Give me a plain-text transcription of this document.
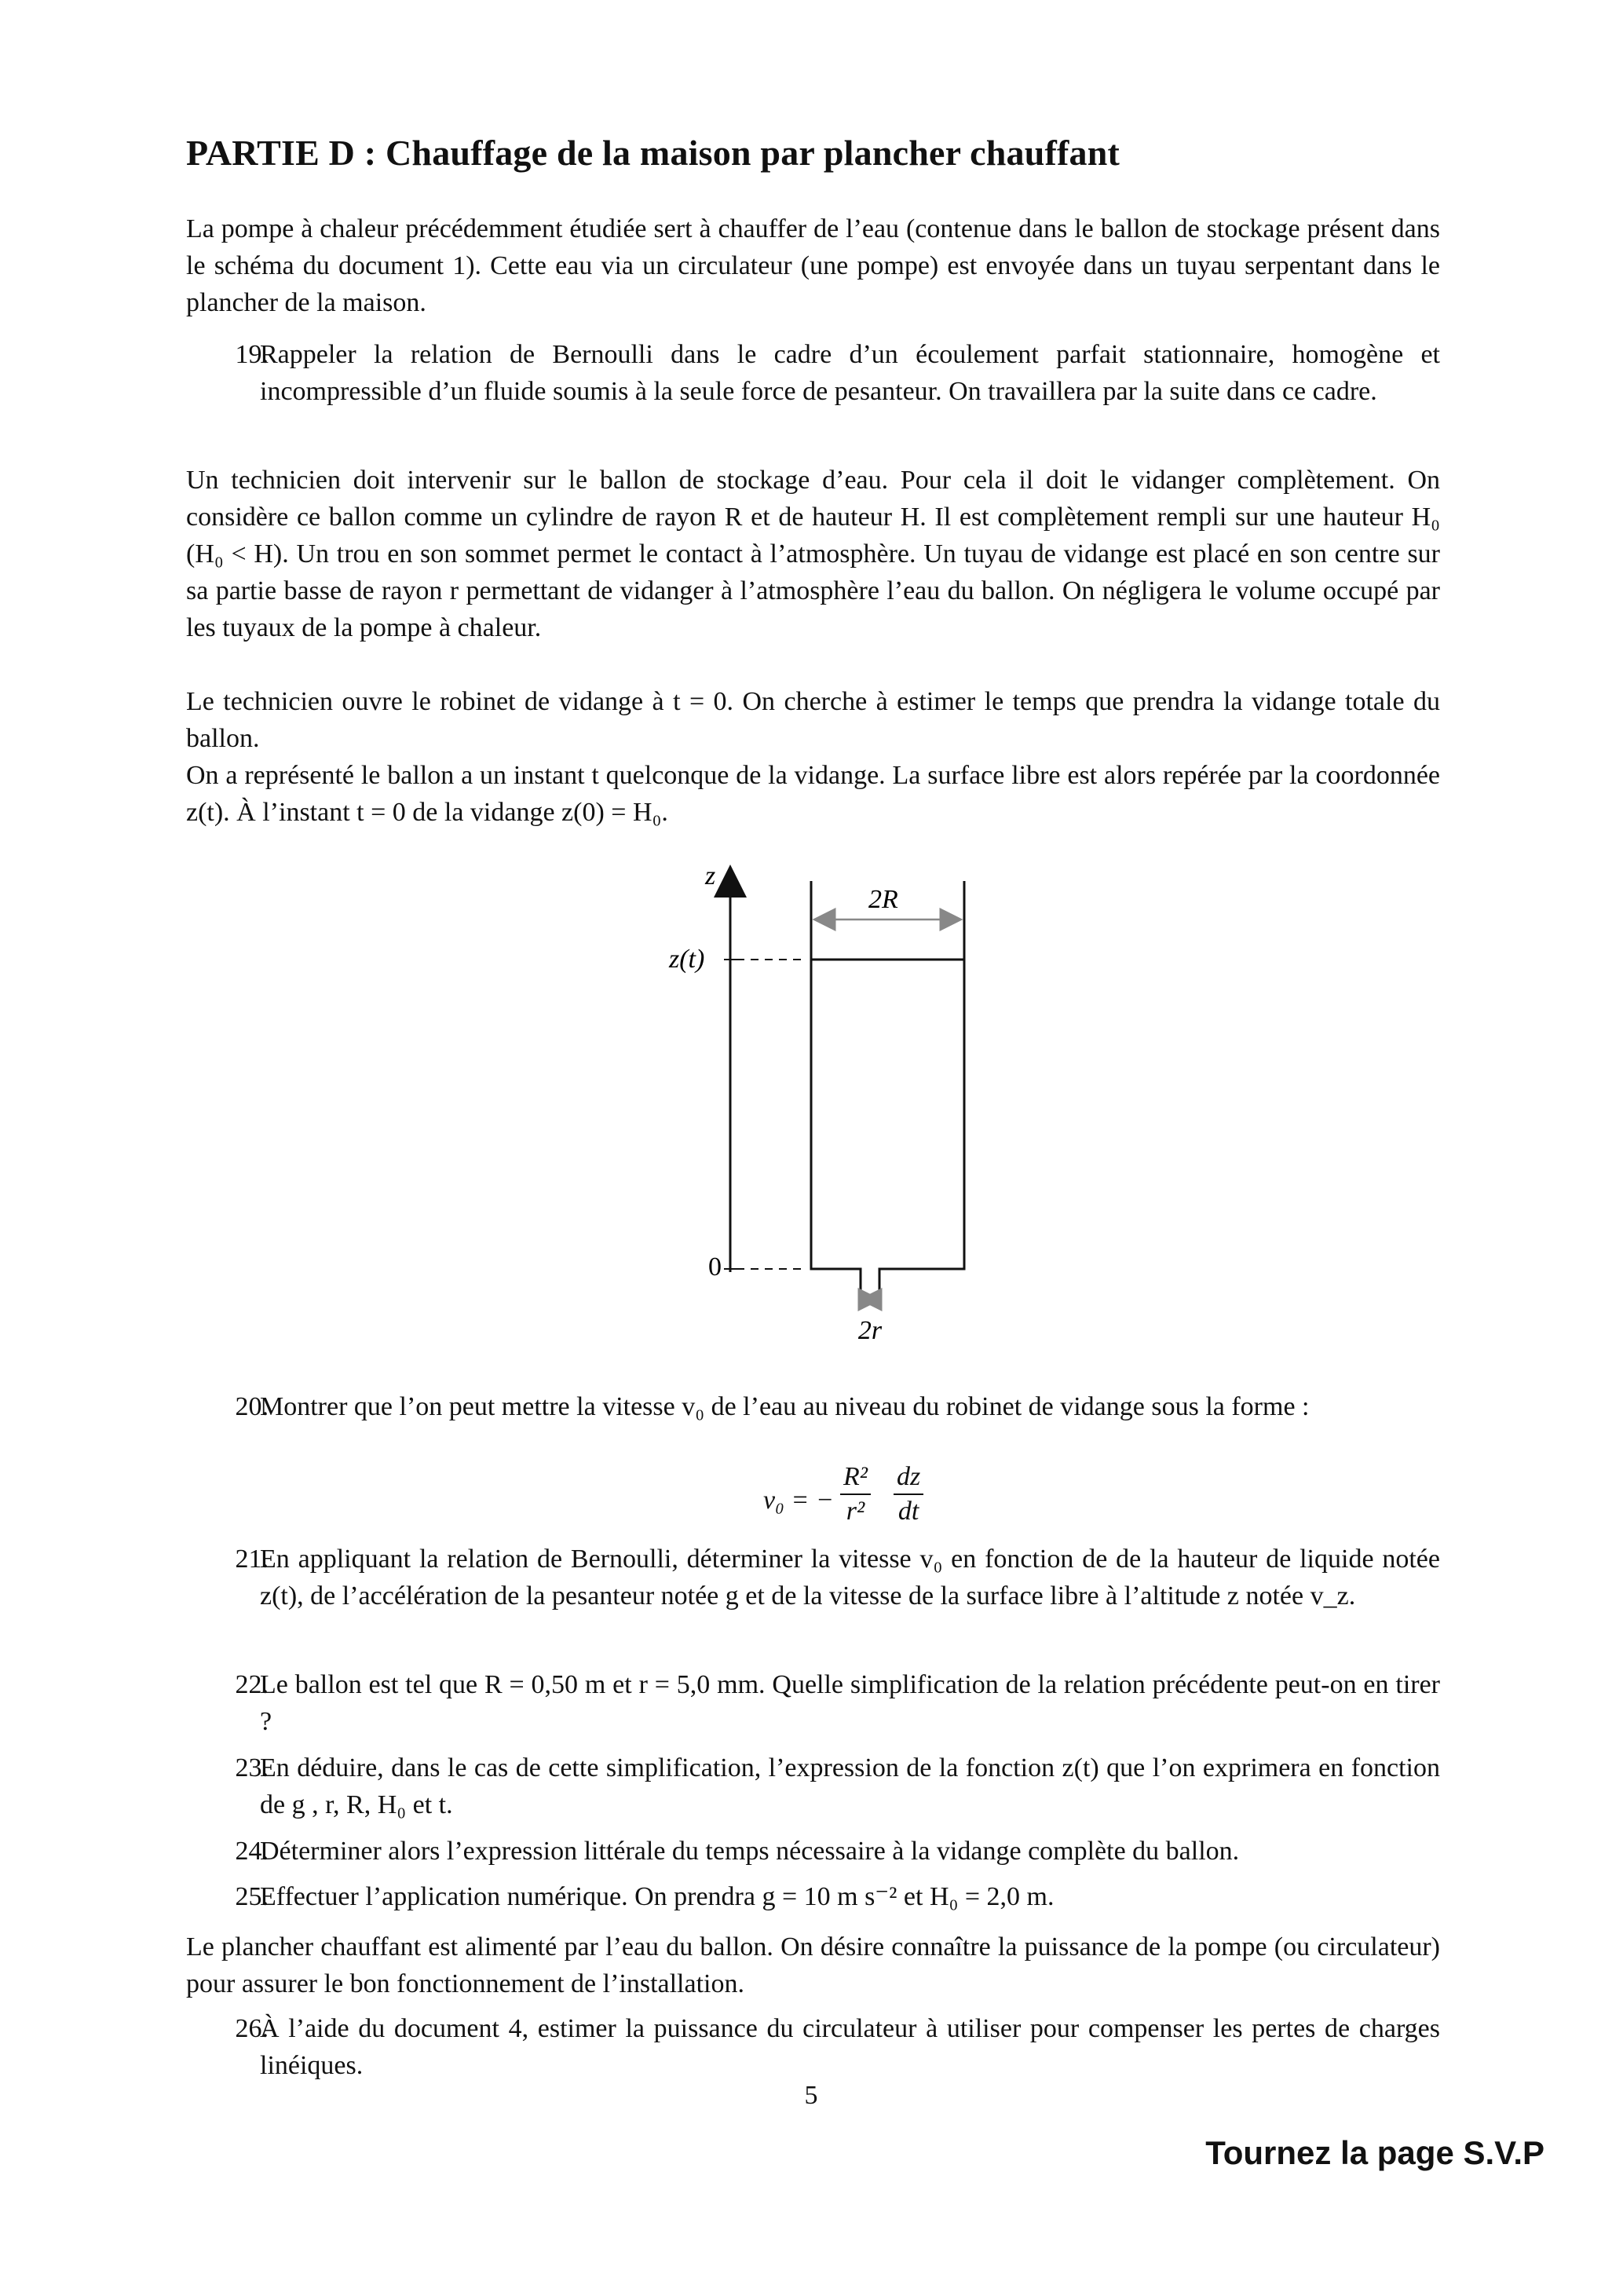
PARTIE D : Chauffage de la maison par plancher chauffant

La pompe à chaleur précédemment étudiée sert à chauffer de l’eau (contenue dans le ballon de stockage présent dans le schéma du document 1). Cette eau via un circulateur (une pompe) est envoyée dans un tuyau serpentant dans le plancher de la maison.

19.
Rappeler la relation de Bernoulli dans le cadre d’un écoulement parfait stationnaire, homogène et incompressible d’un fluide soumis à la seule force de pesanteur. On travaillera par la suite dans ce cadre.

Un technicien doit intervenir sur le ballon de stockage d’eau. Pour cela il doit le vidanger complètement. On considère ce ballon comme un cylindre de rayon R et de hauteur H. Il est complètement rempli sur une hauteur H₀ (H₀ < H). Un trou en son sommet permet le contact à l’atmosphère. Un tuyau de vidange est placé en son centre sur sa partie basse de rayon r permettant de vidanger à l’atmosphère l’eau du ballon. On négligera le volume occupé par les tuyaux de la pompe à chaleur.

Le technicien ouvre le robinet de vidange à t = 0. On cherche à estimer le temps que prendra la vidange totale du ballon.

On a représenté le ballon a un instant t quelconque de la vidange. La surface libre est alors repérée par la coordonnée z(t). À l’instant t = 0 de la vidange z(0) = H₀.

z
z(t)
0
2R
2r
20.
Montrer que l’on peut mettre la vitesse v₀ de l’eau au niveau du robinet de vidange sous la forme :
v₀ = − $\frac{\text{R²}}{\text{r²}} \frac{dz}{dt}$
21.
En appliquant la relation de Bernoulli, déterminer la vitesse v₀ en fonction de de la hauteur de liquide notée z(t), de l’accélération de la pesanteur notée g et de la vitesse de la surface libre à l’altitude z notée v_z.
22.
Le ballon est tel que R = 0,50 m et r = 5,0 mm. Quelle simplification de la relation précédente peut-on en tirer ?
23.
En déduire, dans le cas de cette simplification, l’expression de la fonction z(t) que l’on exprimera en fonction de g , r, R, H₀ et t.
24.
Déterminer alors l’expression littérale du temps nécessaire à la vidange complète du ballon.
25.
Effectuer l’application numérique. On prendra g = 10 m s⁻² et H₀ = 2,0 m.

Le plancher chauffant est alimenté par l’eau du ballon. On désire connaître la puissance de la pompe (ou circulateur) pour assurer le bon fonctionnement de l’installation.

26.
À l’aide du document 4, estimer la puissance du circulateur à utiliser pour compenser les pertes de charges linéiques.
5
Tournez la page S.V.P
